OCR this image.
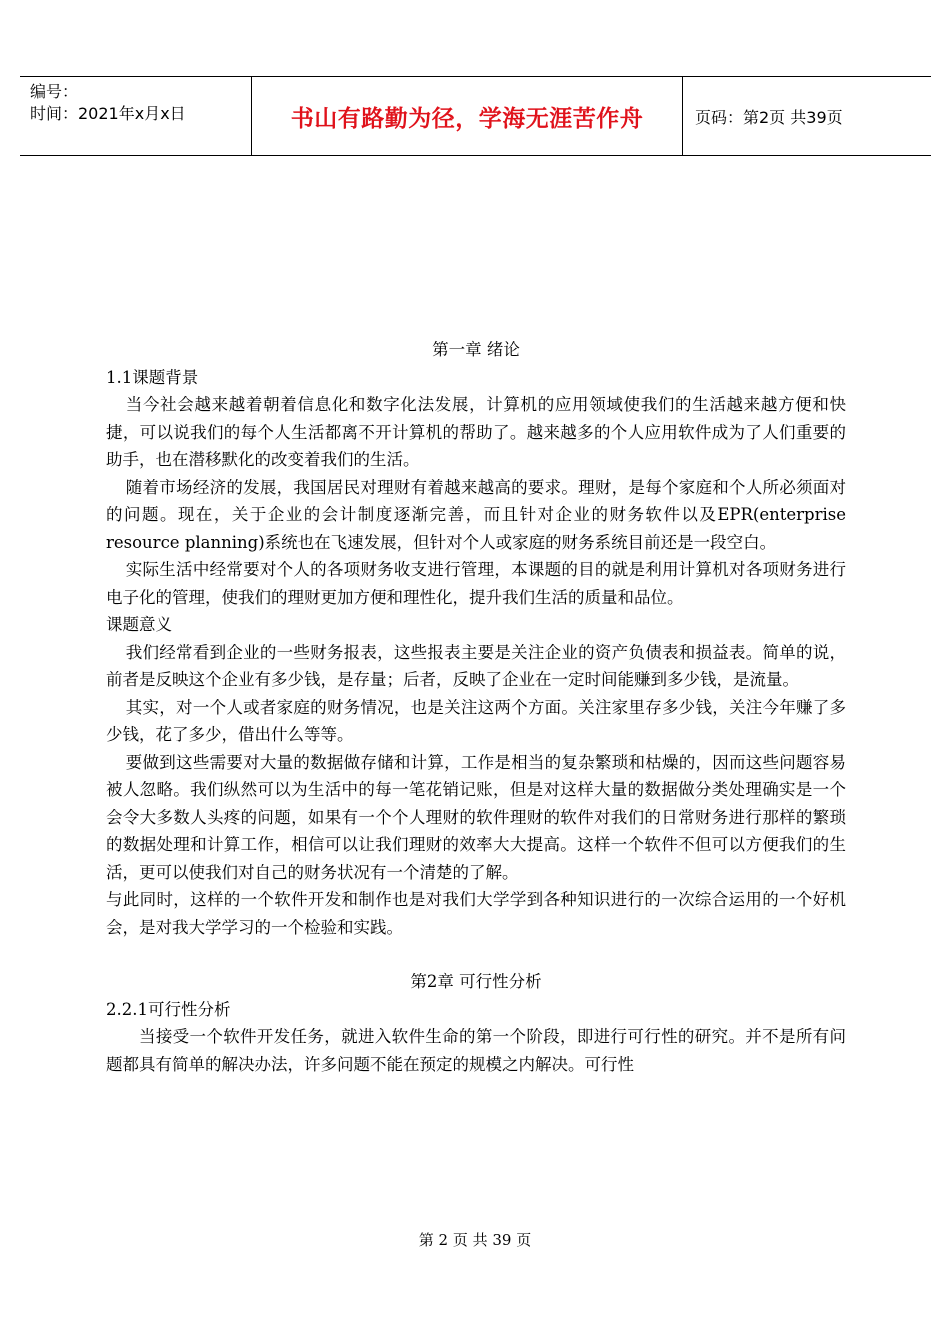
编号：
时间：2021年x月x日	书山有路勤为径，学海无涯苦作舟	页码：第2页 共39页

第一章 绪论

1.1课题背景

当今社会越来越着朝着信息化和数字化法发展，计算机的应用领域使我们的生活越来越方便和快捷，可以说我们的每个人生活都离不开计算机的帮助了。越来越多的个人应用软件成为了人们重要的助手，也在潜移默化的改变着我们的生活。

随着市场经济的发展，我国居民对理财有着越来越高的要求。理财，是每个家庭和个人所必须面对的问题。现在，关于企业的会计制度逐渐完善，而且针对企业的财务软件以及EPR(enterprise resource planning)系统也在飞速发展，但针对个人或家庭的财务系统目前还是一段空白。

实际生活中经常要对个人的各项财务收支进行管理，本课题的目的就是利用计算机对各项财务进行电子化的管理，使我们的理财更加方便和理性化，提升我们生活的质量和品位。

课题意义

我们经常看到企业的一些财务报表，这些报表主要是关注企业的资产负债表和损益表。简单的说，前者是反映这个企业有多少钱，是存量；后者，反映了企业在一定时间能赚到多少钱，是流量。

其实，对一个人或者家庭的财务情况，也是关注这两个方面。关注家里存多少钱，关注今年赚了多少钱，花了多少，借出什么等等。

要做到这些需要对大量的数据做存储和计算，工作是相当的复杂繁琐和枯燥的，因而这些问题容易被人忽略。我们纵然可以为生活中的每一笔花销记账，但是对这样大量的数据做分类处理确实是一个会令大多数人头疼的问题，如果有一个个人理财的软件理财的软件对我们的日常财务进行那样的繁琐的数据处理和计算工作，相信可以让我们理财的效率大大提高。这样一个软件不但可以方便我们的生活，更可以使我们对自己的财务状况有一个清楚的了解。

与此同时，这样的一个软件开发和制作也是对我们大学学到各种知识进行的一次综合运用的一个好机会，是对我大学学习的一个检验和实践。

第2章 可行性分析

2.2.1可行性分析

当接受一个软件开发任务，就进入软件生命的第一个阶段，即进行可行性的研究。并不是所有问题都具有简单的解决办法，许多问题不能在预定的规模之内解决。可行性

第 2 页 共 39 页
